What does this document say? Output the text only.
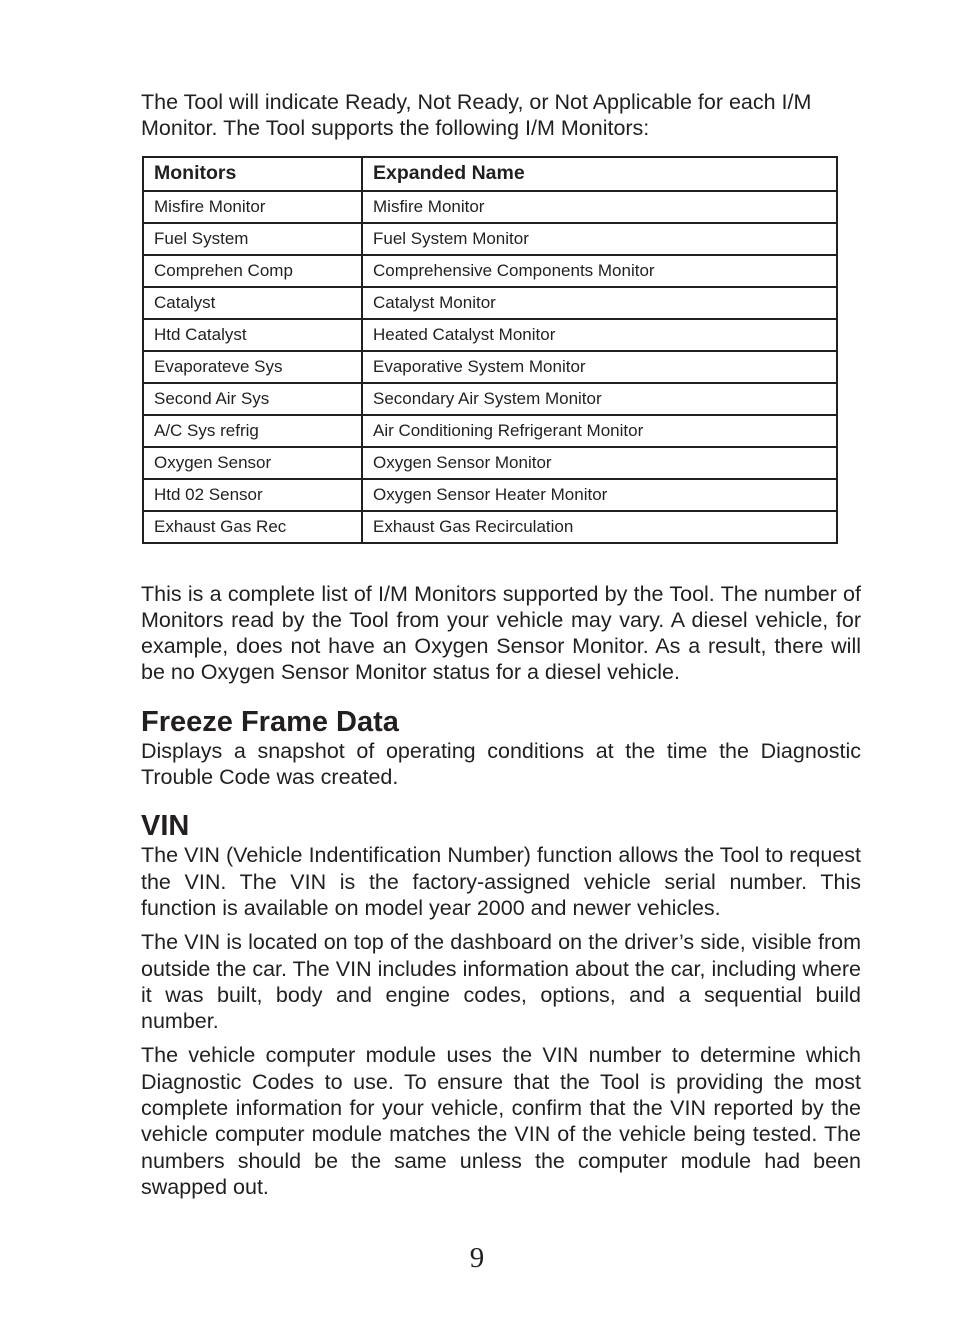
The Tool will indicate Ready, Not Ready, or Not Applicable for each I/M Monitor. The Tool supports the following I/M Monitors:

Monitors	Expanded Name
Misfire Monitor	Misfire Monitor
Fuel System	Fuel System Monitor
Comprehen Comp	Comprehensive Components Monitor
Catalyst	Catalyst Monitor
Htd Catalyst	Heated Catalyst Monitor
Evaporateve Sys	Evaporative System Monitor
Second Air Sys	Secondary Air System Monitor
A/C Sys refrig	Air Conditioning Refrigerant Monitor
Oxygen Sensor	Oxygen Sensor Monitor
Htd 02 Sensor	Oxygen Sensor Heater Monitor
Exhaust Gas Rec	Exhaust Gas Recirculation

This is a complete list of I/M Monitors supported by the Tool. The number of Monitors read by the Tool from your vehicle may vary. A diesel vehicle, for example, does not have an Oxygen Sensor Monitor. As a result, there will be no Oxygen Sensor Monitor status for a diesel vehicle.

Freeze Frame Data

Displays a snapshot of operating conditions at the time the Diagnostic Trouble Code was created.

VIN

The VIN (Vehicle Indentification Number) function allows the Tool to request the VIN. The VIN is the factory-assigned vehicle serial number. This function is available on model year 2000 and newer vehicles.

The VIN is located on top of the dashboard on the driver’s side, visible from outside the car. The VIN includes information about the car, including where it was built, body and engine codes, options, and a sequential build number.

The vehicle computer module uses the VIN number to determine which Diagnostic Codes to use. To ensure that the Tool is providing the most complete information for your vehicle, confirm that the VIN reported by the vehicle computer module matches the VIN of the vehicle being tested. The numbers should be the same unless the computer module had been swapped out.

9
